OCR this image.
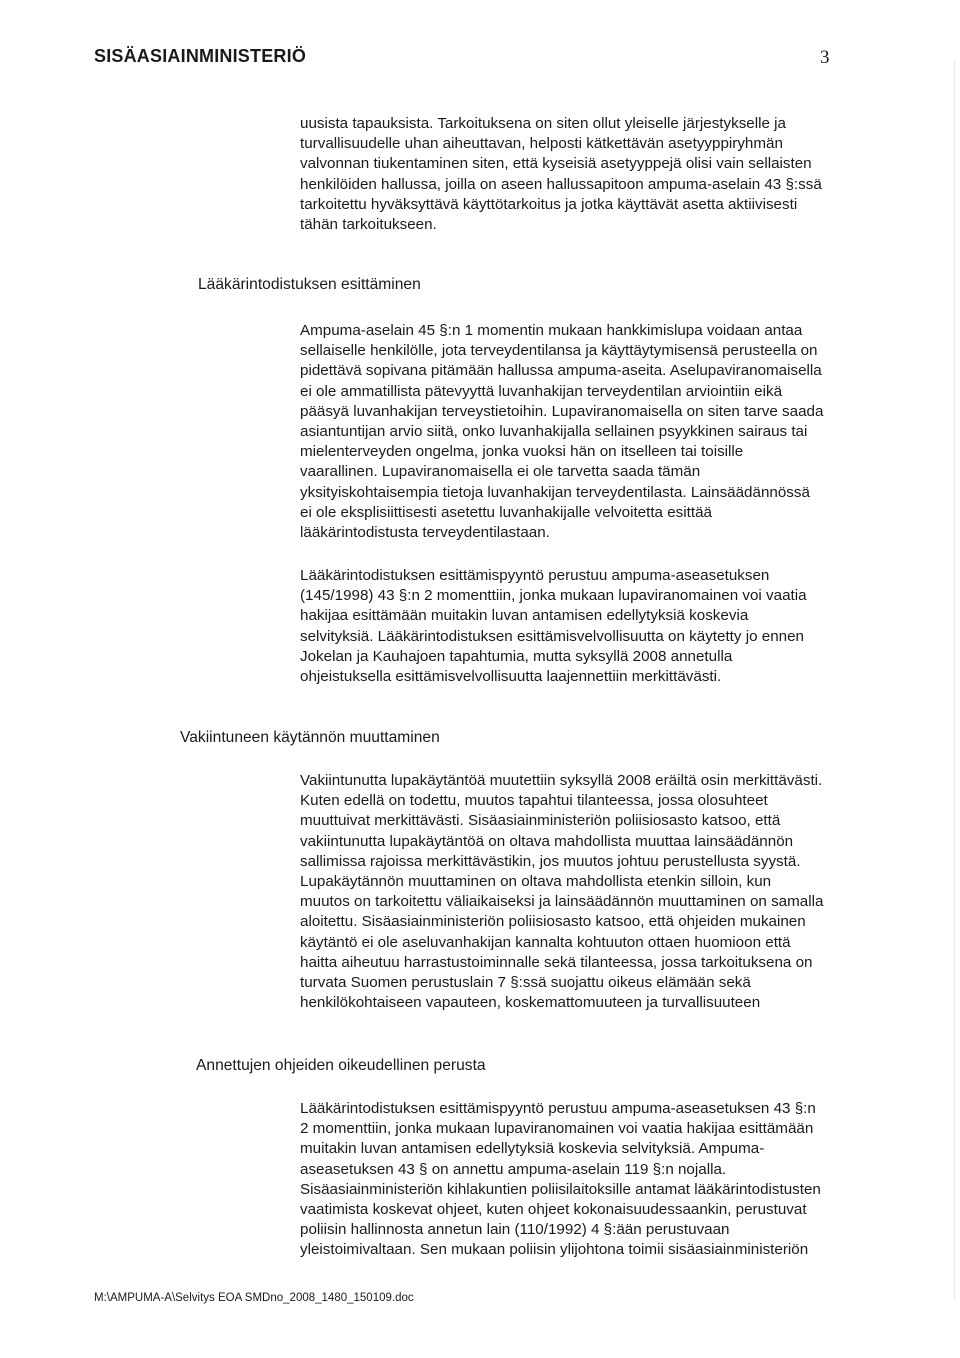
SISÄASIAINMINISTERIÖ	3

uusista tapauksista. Tarkoituksena on siten ollut yleiselle järjestykselle ja
turvallisuudelle uhan aiheuttavan, helposti kätkettävän asetyyppiryhmän
valvonnan tiukentaminen siten, että kyseisiä asetyyppejä olisi vain sellaisten
henkilöiden hallussa, joilla on aseen hallussapitoon ampuma-aselain 43 §:ssä
tarkoitettu hyväksyttävä käyttötarkoitus ja jotka käyttävät asetta aktiivisesti
tähän tarkoitukseen.

Lääkärintodistuksen esittäminen

Ampuma-aselain 45 §:n 1 momentin mukaan hankkimislupa voidaan antaa
sellaiselle henkilölle, jota terveydentilansa ja käyttäytymisensä perusteella on
pidettävä sopivana pitämään hallussa ampuma-aseita. Aselupaviranomaisella
ei ole ammatillista pätevyyttä luvanhakijan terveydentilan arviointiin eikä
pääsyä luvanhakijan terveystietoihin. Lupaviranomaisella on siten tarve saada
asiantuntijan arvio siitä, onko luvanhakijalla sellainen psyykkinen sairaus tai
mielenterveyden ongelma, jonka vuoksi hän on itselleen tai toisille
vaarallinen. Lupaviranomaisella ei ole tarvetta saada tämän
yksityiskohtaisempia tietoja luvanhakijan terveydentilasta. Lainsäädännössä
ei ole eksplisiittisesti asetettu luvanhakijalle velvoitetta esittää
lääkärintodistusta terveydentilastaan.

Lääkärintodistuksen esittämispyyntö perustuu ampuma-aseasetuksen
(145/1998) 43 §:n 2 momenttiin, jonka mukaan lupaviranomainen voi vaatia
hakijaa esittämään muitakin luvan antamisen edellytyksiä koskevia
selvityksiä. Lääkärintodistuksen esittämisvelvollisuutta on käytetty jo ennen
Jokelan ja Kauhajoen tapahtumia, mutta syksyllä 2008 annetulla
ohjeistuksella esittämisvelvollisuutta laajennettiin merkittävästi.

Vakiintuneen käytännön muuttaminen

Vakiintunutta lupakäytäntöä muutettiin syksyllä 2008 eräiltä osin merkittävästi.
Kuten edellä on todettu, muutos tapahtui tilanteessa, jossa olosuhteet
muuttuivat merkittävästi. Sisäasiainministeriön poliisiosasto katsoo, että
vakiintunutta lupakäytäntöä on oltava mahdollista muuttaa lainsäädännön
sallimissa rajoissa merkittävästikin, jos muutos johtuu perustellusta syystä.
Lupakäytännön muuttaminen on oltava mahdollista etenkin silloin, kun
muutos on tarkoitettu väliaikaiseksi ja lainsäädännön muuttaminen on samalla
aloitettu. Sisäasiainministeriön poliisiosasto katsoo, että ohjeiden mukainen
käytäntö ei ole aseluvanhakijan kannalta kohtuuton ottaen huomioon että
haitta aiheutuu harrastustoiminnalle sekä tilanteessa, jossa tarkoituksena on
turvata Suomen perustuslain 7 §:ssä suojattu oikeus elämään sekä
henkilökohtaiseen vapauteen, koskemattomuuteen ja turvallisuuteen

Annettujen ohjeiden oikeudellinen perusta

Lääkärintodistuksen esittämispyyntö perustuu ampuma-aseasetuksen 43 §:n
2 momenttiin, jonka mukaan lupaviranomainen voi vaatia hakijaa esittämään
muitakin luvan antamisen edellytyksiä koskevia selvityksiä. Ampuma-
aseasetuksen 43 § on annettu ampuma-aselain 119 §:n nojalla.
Sisäasiainministeriön kihlakuntien poliisilaitoksille antamat lääkärintodistusten
vaatimista koskevat ohjeet, kuten ohjeet kokonaisuudessaankin, perustuvat
poliisin hallinnosta annetun lain (110/1992) 4 §:ään perustuvaan
yleistoimivaltaan. Sen mukaan poliisin ylijohtona toimii sisäasiainministeriön

M:\AMPUMA-A\Selvitys EOA SMDno_2008_1480_150109.doc
